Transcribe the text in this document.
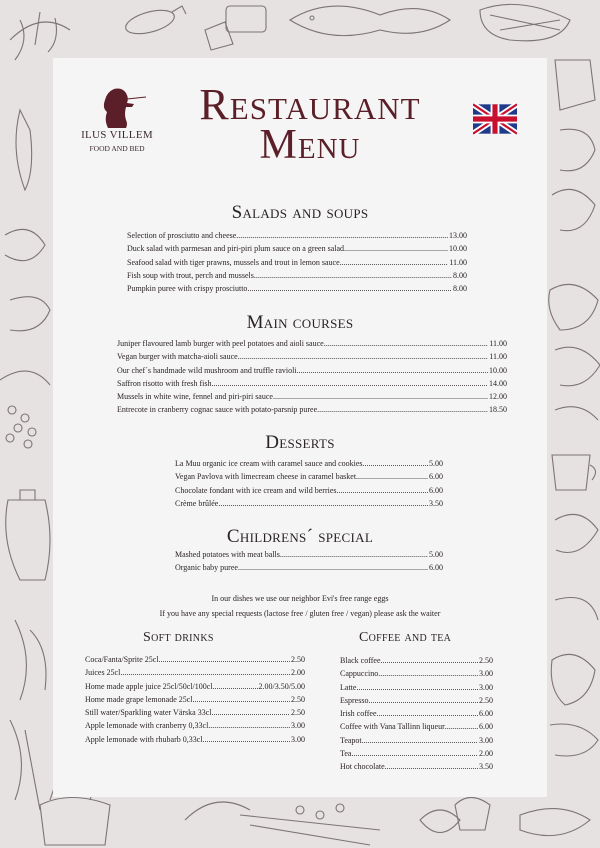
ILUS VILLEM
FOOD AND BED
Restaurant
Menu
Salads and soups
Selection of prosciutto and cheese .....	13.00
Duck salad with parmesan and piri-piri plum sauce on a green salad .....	10.00
Seafood salad with tiger prawns, mussels and trout in lemon sauce .....	11.00
Fish soup with trout, perch and mussels .....	8.00
Pumpkin puree with crispy prosciutto .....	8.00
Main courses
Juniper flavoured lamb burger with peel potatoes and aioli sauce .....	11.00
Vegan burger with matcha-aioli sauce .....	11.00
Our chef´s handmade wild mushroom and truffle ravioli .....	10.00
Saffron risotto with fresh fish .....	14.00
Mussels in white wine, fennel and piri-piri sauce .....	12.00
Entrecote in cranberry cognac sauce with potato-parsnip puree .....	18.50
Desserts
La Muu organic ice cream with caramel sauce and cookies .....	5.00
Vegan Pavlova with limecream cheese in caramel basket .....	6.00
Chocolate fondant with ice cream and wild berries .....	6.00
Crème brûlée .....	3.50
Childrens´ special
Mashed potatoes with meat balls .....	5.00
Organic baby puree .....	6.00
In our dishes we use our neighbor Evi's free range eggs
If you have any special requests (lactose free / gluten free / vegan) please ask the waiter
Soft drinks
Coca/Fanta/Sprite 25cl .....	2.50
Juices 25cl .....	2.00
Home made apple juice 25cl/50cl/100cl .....	2.00/3.50/5.00
Home made grape lemonade 25cl .....	2.50
Still water/Sparkling water Värska 33cl .....	2.50
Apple lemonade with cranberry 0,33cl .....	3.00
Apple lemonade with rhubarb 0,33cl .....	3.00
Coffee and tea
Black coffee .....	2.50
Cappuccino .....	3.00
Latte .....	3.00
Espresso .....	2.50
Irish coffee .....	6.00
Coffee with Vana Tallinn liqueur .....	6.00
Teapot .....	3.00
Tea .....	2.00
Hot chocolate .....	3.50
